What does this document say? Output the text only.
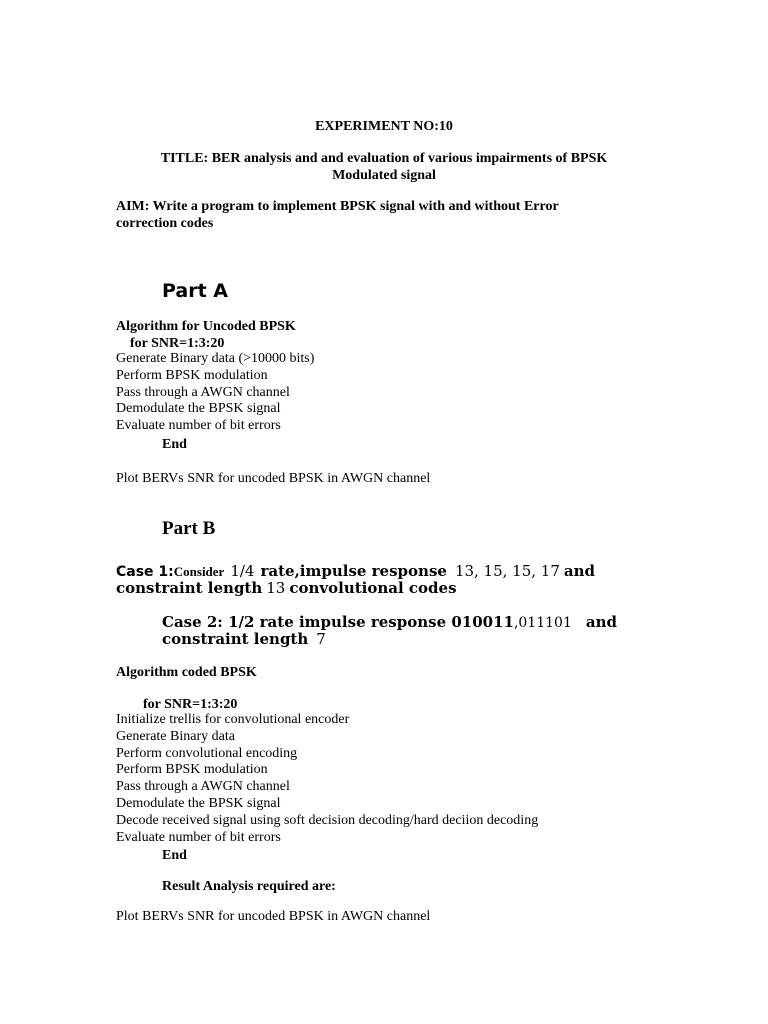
EXPERIMENT NO:10
TITLE: BER analysis and and evaluation of various impairments of BPSK
Modulated signal
AIM: Write a program to implement BPSK signal with and without Error
correction codes
Part A
Algorithm for Uncoded BPSK
for SNR=1:3:20
Generate Binary data (>10000 bits)
Perform BPSK modulation
Pass through a AWGN channel
Demodulate the BPSK signal
Evaluate number of bit errors
End
Plot BERVs SNR for uncoded BPSK in AWGN channel
Part B
Case 1:Consider 1/4 rate,impulse response 13, 15, 15, 17 and
constraint length 13 convolutional codes
Case 2: 1/2 rate impulse response 010011,011101 and
constraint length 7
Algorithm coded BPSK
for SNR=1:3:20
Initialize trellis for convolutional encoder
Generate Binary data
Perform convolutional encoding
Perform BPSK modulation
Pass through a AWGN channel
Demodulate the BPSK signal
Decode received signal using soft decision decoding/hard deciion decoding
Evaluate number of bit errors
End
Result Analysis required are:
Plot BERVs SNR for uncoded BPSK in AWGN channel
